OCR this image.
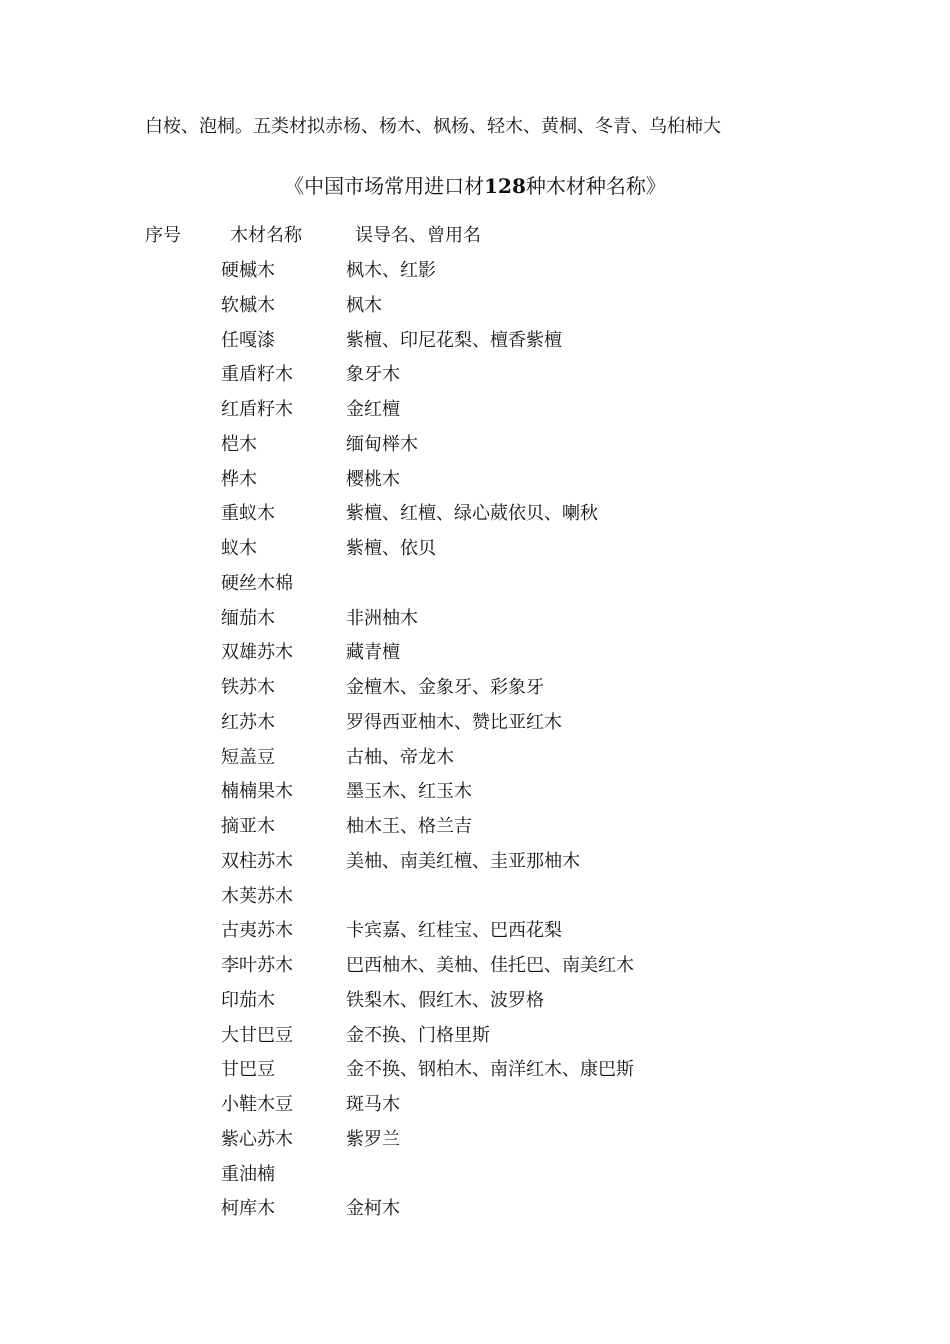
白桉、泡桐。五类材拟赤杨、杨木、枫杨、轻木、黄桐、冬青、乌桕柿大
《中国市场常用进口材128种木材种名称》
序号	木材名称	误导名、曾用名
硬槭木	枫木、红影
软槭木	枫木
任嘎漆	紫檀、印尼花梨、檀香紫檀
重盾籽木	象牙木
红盾籽木	金红檀
桤木	缅甸榉木
桦木	樱桃木
重蚁木	紫檀、红檀、绿心葳依贝、喇秋
蚁木	紫檀、依贝
硬丝木棉
缅茄木	非洲柚木
双雄苏木	藏青檀
铁苏木	金檀木、金象牙、彩象牙
红苏木	罗得西亚柚木、赞比亚红木
短盖豆	古柚、帝龙木
楠楠果木	墨玉木、红玉木
摘亚木	柚木王、格兰吉
双柱苏木	美柚、南美红檀、圭亚那柚木
木荚苏木
古夷苏木	卡宾嘉、红桂宝、巴西花梨
李叶苏木	巴西柚木、美柚、佳托巴、南美红木
印茄木	铁梨木、假红木、波罗格
大甘巴豆	金不换、门格里斯
甘巴豆	金不换、钢柏木、南洋红木、康巴斯
小鞋木豆	斑马木
紫心苏木	紫罗兰
重油楠
柯库木	金柯木
